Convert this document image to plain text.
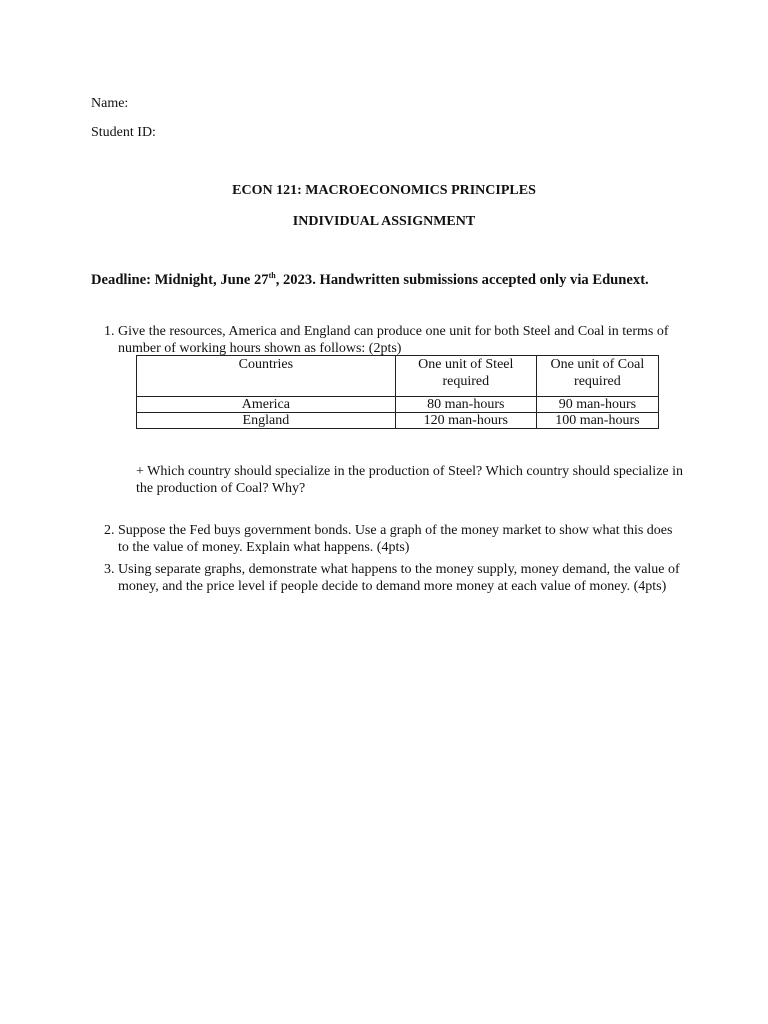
Name:
Student ID:
ECON 121: MACROECONOMICS PRINCIPLES
INDIVIDUAL ASSIGNMENT
Deadline: Midnight, June 27th, 2023. Handwritten submissions accepted only via Edunext.
1. Give the resources, America and England can produce one unit for both Steel and Coal in terms of
number of working hours shown as follows: (2pts)
Countries	One unit of Steel required	One unit of Coal required
America	80 man-hours	90 man-hours
England	120 man-hours	100 man-hours
+ Which country should specialize in the production of Steel? Which country should specialize in
the production of Coal? Why?
2. Suppose the Fed buys government bonds. Use a graph of the money market to show what this does
to the value of money. Explain what happens. (4pts)
3. Using separate graphs, demonstrate what happens to the money supply, money demand, the value of
money, and the price level if people decide to demand more money at each value of money. (4pts)
